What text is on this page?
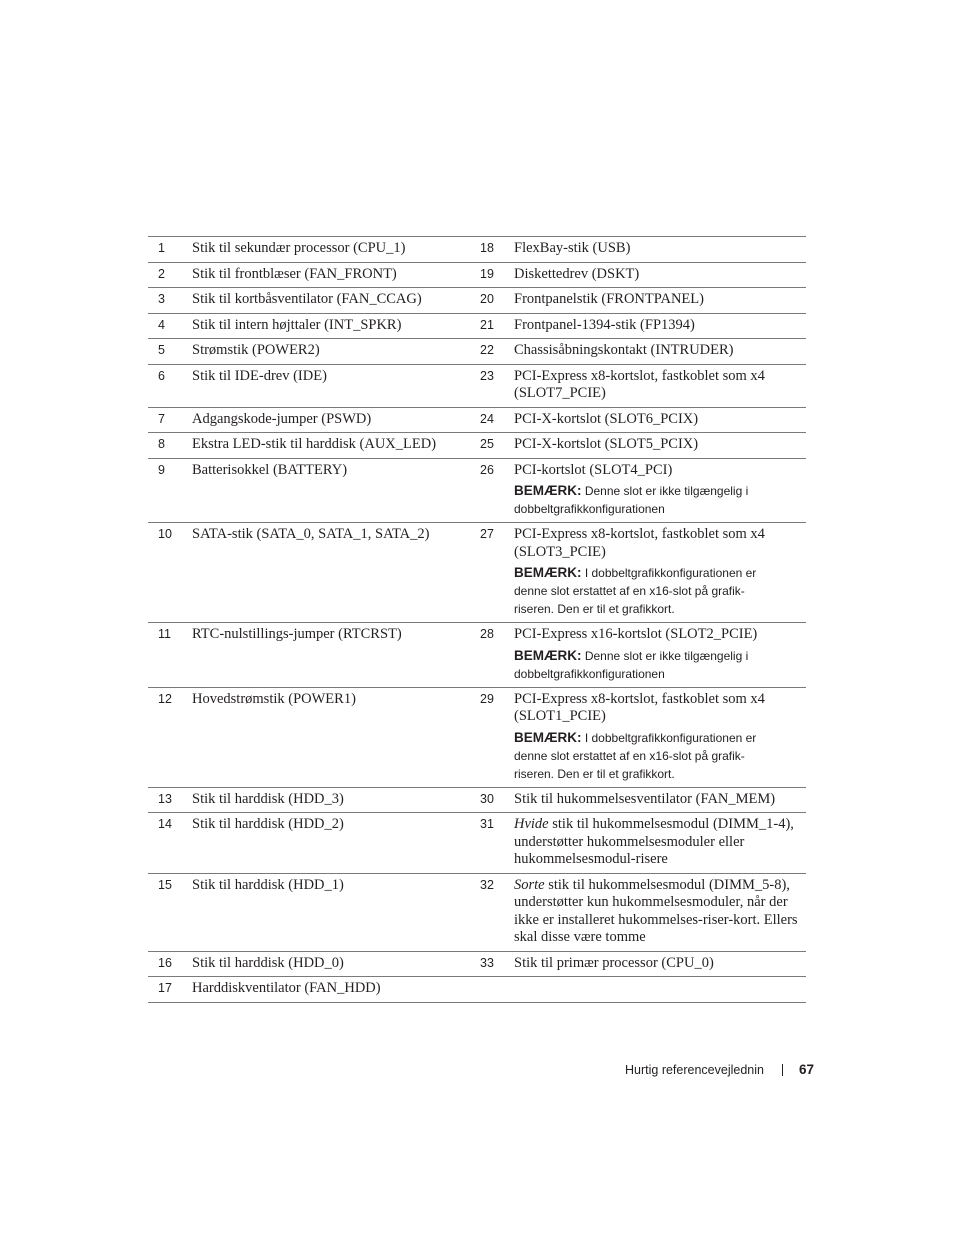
1	Stik til sekundær processor (CPU_1)	18	FlexBay-stik (USB)

2	Stik til frontblæser (FAN_FRONT)	19	Diskettedrev (DSKT)

3	Stik til kortbåsventilator (FAN_CCAG)	20	Frontpanelstik (FRONTPANEL)

4	Stik til intern højttaler (INT_SPKR)	21	Frontpanel-1394-stik (FP1394)

5	Strømstik (POWER2)	22	Chassisåbningskontakt (INTRUDER)

6	Stik til IDE-drev (IDE)	23	PCI-Express x8-kortslot, fastkoblet som x4 (SLOT7_PCIE)

7	Adgangskode-jumper (PSWD)	24	PCI-X-kortslot (SLOT6_PCIX)

8	Ekstra LED-stik til harddisk (AUX_LED)	25	PCI-X-kortslot (SLOT5_PCIX)

9	Batterisokkel (BATTERY)	26	PCI-kortslot (SLOT4_PCI)
BEMÆRK: Denne slot er ikke tilgængelig i dobbeltgrafikkonfigurationen

10	SATA-stik (SATA_0, SATA_1, SATA_2)	27	PCI-Express x8-kortslot, fastkoblet som x4 (SLOT3_PCIE)
BEMÆRK: I dobbeltgrafikkonfigurationen er denne slot erstattet af en x16-slot på grafik-riseren. Den er til et grafikkort.

11	RTC-nulstillings-jumper (RTCRST)	28	PCI-Express x16-kortslot (SLOT2_PCIE)
BEMÆRK: Denne slot er ikke tilgængelig i dobbeltgrafikkonfigurationen

12	Hovedstrømstik (POWER1)	29	PCI-Express x8-kortslot, fastkoblet som x4 (SLOT1_PCIE)
BEMÆRK: I dobbeltgrafikkonfigurationen er denne slot erstattet af en x16-slot på grafik-riseren. Den er til et grafikkort.

13	Stik til harddisk (HDD_3)	30	Stik til hukommelsesventilator (FAN_MEM)

14	Stik til harddisk (HDD_2)	31	Hvide stik til hukommelsesmodul (DIMM_1-4), understøtter hukommelsesmoduler eller hukommelsesmodul-risere

15	Stik til harddisk (HDD_1)	32	Sorte stik til hukommelsesmodul (DIMM_5-8), understøtter kun hukommelsesmoduler, når der ikke er installeret hukommelses-riser-kort. Ellers skal disse være tomme

16	Stik til harddisk (HDD_0)	33	Stik til primær processor (CPU_0)

17	Harddiskventilator (FAN_HDD)		
Hurtig referencevejlednin	67
